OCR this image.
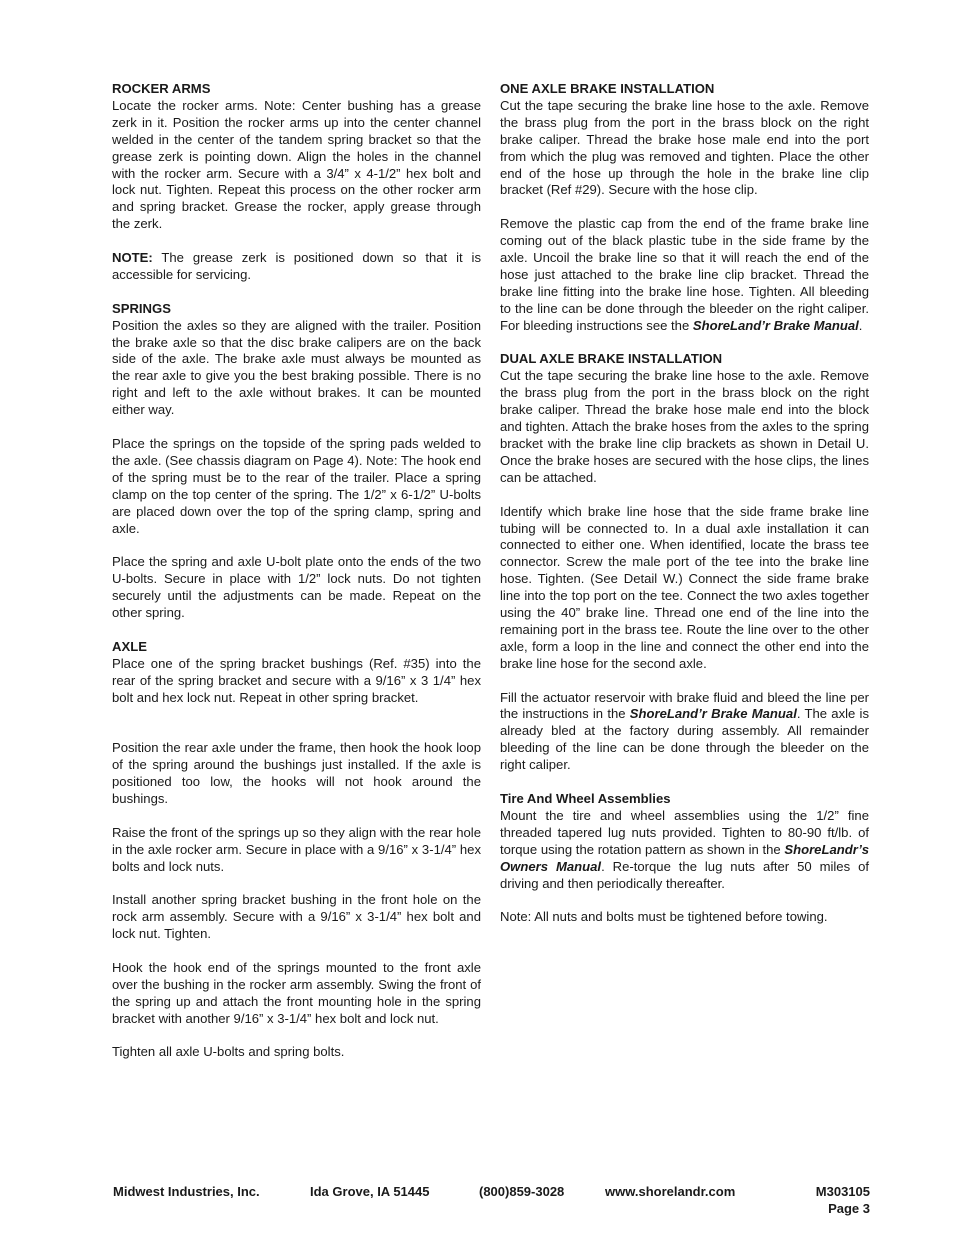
ROCKER ARMS

Locate the rocker arms. Note: Center bushing has a grease zerk in it. Position the rocker arms up into the center channel welded in the center of the tandem spring bracket so that the grease zerk is pointing down. Align the holes in the channel with the rocker arm. Secure with a 3/4” x 4-1/2” hex bolt and lock nut. Tighten. Repeat this process on the other rocker arm and spring bracket. Grease the rocker, apply grease through the zerk.

NOTE: The grease zerk is positioned down so that it is accessible for servicing.

SPRINGS

Position the axles so they are aligned with the trailer. Position the brake axle so that the disc brake calipers are on the back side of the axle. The brake axle must always be mounted as the rear axle to give you the best braking possible. There is no right and left to the axle without brakes. It can be mounted either way.

Place the springs on the topside of the spring pads welded to the axle. (See chassis diagram on Page 4). Note: The hook end of the spring must be to the rear of the trailer. Place a spring clamp on the top center of the spring. The 1/2” x 6-1/2” U-bolts are placed down over the top of the spring clamp, spring and axle.

Place the spring and axle U-bolt plate onto the ends of the two U-bolts. Secure in place with 1/2” lock nuts. Do not tighten securely until the adjustments can be made. Repeat on the other spring.

AXLE

Place one of the spring bracket bushings (Ref. #35) into the rear of the spring bracket and secure with a 9/16” x 3 1/4” hex bolt and hex lock nut. Repeat in other spring bracket.

Position the rear axle under the frame, then hook the hook loop of the spring around the bushings just installed. If the axle is positioned too low, the hooks will not hook around the bushings.

Raise the front of the springs up so they align with the rear hole in the axle rocker arm. Secure in place with a 9/16” x 3-1/4” hex bolts and lock nuts.

Install another spring bracket bushing in the front hole on the rock arm assembly. Secure with a 9/16” x 3-1/4” hex bolt and lock nut. Tighten.

Hook the hook end of the springs mounted to the front axle over the bushing in the rocker arm assembly. Swing the front of the spring up and attach the front mounting hole in the spring bracket with another 9/16” x 3-1/4” hex bolt and lock nut.

Tighten all axle U-bolts and spring bolts.

ONE AXLE BRAKE INSTALLATION

Cut the tape securing the brake line hose to the axle. Remove the brass plug from the port in the brass block on the right brake caliper. Thread the brake hose male end into the port from which the plug was removed and tighten. Place the other end of the hose up through the hole in the brake line clip bracket (Ref #29). Secure with the hose clip.

Remove the plastic cap from the end of the frame brake line coming out of the black plastic tube in the side frame by the axle. Uncoil the brake line so that it will reach the end of the hose just attached to the brake line clip bracket. Thread the brake line fitting into the brake line hose. Tighten. All bleeding to the line can be done through the bleeder on the right caliper. For bleeding instructions see the ShoreLand’r Brake Manual.

DUAL AXLE BRAKE INSTALLATION

Cut the tape securing the brake line hose to the axle. Remove the brass plug from the port in the brass block on the right brake caliper. Thread the brake hose male end into the block and tighten. Attach the brake hoses from the axles to the spring bracket with the brake line clip brackets as shown in Detail U. Once the brake hoses are secured with the hose clips, the lines can be attached.

Identify which brake line hose that the side frame brake line tubing will be connected to. In a dual axle installation it can connected to either one. When identified, locate the brass tee connector. Screw the male port of the tee into the brake line hose. Tighten. (See Detail W.) Connect the side frame brake line into the top port on the tee. Connect the two axles together using the 40” brake line. Thread one end of the line into the remaining port in the brass tee. Route the line over to the other axle, form a loop in the line and connect the other end into the brake line hose for the second axle.

Fill the actuator reservoir with brake fluid and bleed the line per the instructions in the ShoreLand’r Brake Manual. The axle is already bled at the factory during assembly. All remainder bleeding of the line can be done through the bleeder on the right caliper.

Tire And Wheel Assemblies

Mount the tire and wheel assemblies using the 1/2” fine threaded tapered lug nuts provided. Tighten to 80-90 ft/lb. of torque using the rotation pattern as shown in the ShoreLandr’s Owners Manual. Re-torque the lug nuts after 50 miles of driving and then periodically thereafter.

Note: All nuts and bolts must be tightened before towing.

Midwest Industries, Inc.	Ida Grove, IA 51445	(800)859-3028	www.shorelandr.com	M303105
Page 3
